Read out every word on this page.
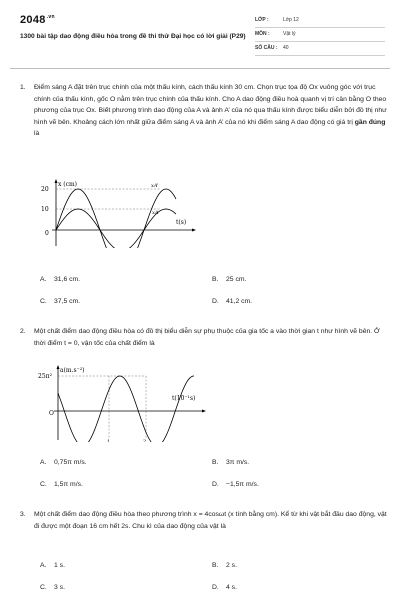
$2048^{.vn}$
1300 bài tập dao động điều hòa trong đề thi thử Đại học có lời giải (P29)
LỚP :	Lớp 12
MÔN :	Vật lý
SỐ CÂU : 40
1. Điểm sáng A đặt trên trục chính của một thấu kính, cách thấu kính 30 cm. Chọn trục tọa độ Ox vuông góc với trục chính của thấu kính, gốc O nằm trên trục chính của thấu kính. Cho A dao động điều hoà quanh vị trí cân bằng O theo phương của trục Ox. Biết phương trình dao động của A và ảnh A’ của nó qua thấu kính được biểu diễn bởi đồ thị như hình vẽ bên. Khoảng cách lớn nhất giữa điểm sáng A và ảnh A’ của nó khi điểm sáng A dao động có giá trị gần đúng là
x (cm)
t(s)
20
10
0
xA’
xA
A. 31,6 cm.	B. 25 cm.
C. 37,5 cm.	D. 41,2 cm.
2. Một chất điểm dao động điều hòa có đồ thị biểu diễn sự phụ thuộc của gia tốc a vào thời gian t như hình vẽ bên. Ở thời điểm t = 0, vận tốc của chất điểm là
a(m.s⁻²)
t(10⁻¹s)
25π²
O
1	2
A. 0,75π m/s.	B. 3π m/s.
C. 1,5π m/s.	D. −1,5π m/s.
3. Một chất điểm dao động điều hòa theo phương trình x = 4cosωt (x tính bằng cm). Kể từ khi vật bắt đầu dao động, vật đi được một đoạn 16 cm hết 2s. Chu kì của dao động của vật là
A. 1 s.	B. 2 s.
C. 3 s.	D. 4 s.
